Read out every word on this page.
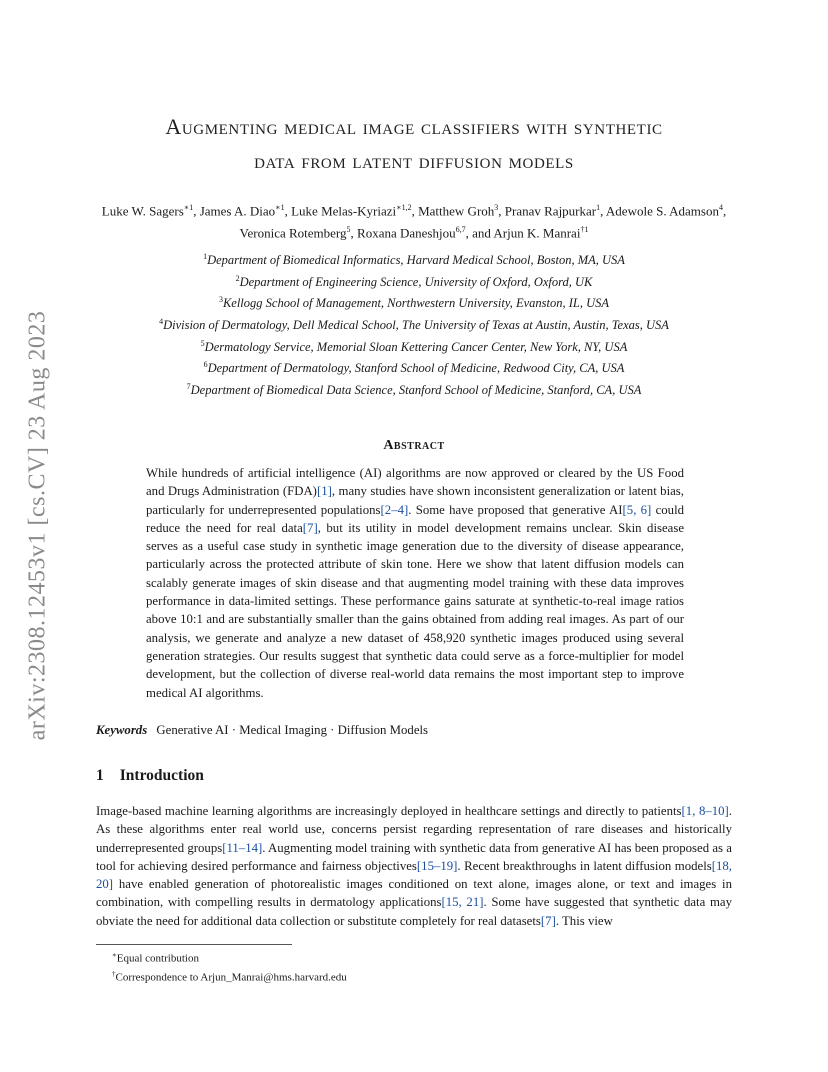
arXiv:2308.12453v1 [cs.CV] 23 Aug 2023
Augmenting medical image classifiers with synthetic
data from latent diffusion models
Luke W. Sagers$^{∗1}$, James A. Diao$^{∗1}$, Luke Melas-Kyriazi$^{∗1,2}$, Matthew Groh$^3$, Pranav Rajpurkar$^1$, Adewole S. Adamson$^4$, Veronica Rotemberg$^5$, Roxana Daneshjou$^{6,7}$, and Arjun K. Manrai$^{\dagger 1}$
$^1$Department of Biomedical Informatics, Harvard Medical School, Boston, MA, USA
$^2$Department of Engineering Science, University of Oxford, Oxford, UK
$^3$Kellogg School of Management, Northwestern University, Evanston, IL, USA
$^4$Division of Dermatology, Dell Medical School, The University of Texas at Austin, Austin, Texas, USA
$^5$Dermatology Service, Memorial Sloan Kettering Cancer Center, New York, NY, USA
$^6$Department of Dermatology, Stanford School of Medicine, Redwood City, CA, USA
$^7$Department of Biomedical Data Science, Stanford School of Medicine, Stanford, CA, USA
Abstract
While hundreds of artificial intelligence (AI) algorithms are now approved or cleared by the US Food and Drugs Administration (FDA)[1], many studies have shown inconsistent generalization or latent bias, particularly for underrepresented populations[2–4]. Some have proposed that generative AI[5, 6] could reduce the need for real data[7], but its utility in model development remains unclear. Skin disease serves as a useful case study in synthetic image generation due to the diversity of disease appearance, particularly across the protected attribute of skin tone. Here we show that latent diffusion models can scalably generate images of skin disease and that augmenting model training with these data improves performance in data-limited settings. These performance gains saturate at synthetic-to-real image ratios above 10:1 and are substantially smaller than the gains obtained from adding real images. As part of our analysis, we generate and analyze a new dataset of 458,920 synthetic images produced using several generation strategies. Our results suggest that synthetic data could serve as a force-multiplier for model development, but the collection of diverse real-world data remains the most important step to improve medical AI algorithms.
Keywords Generative AI · Medical Imaging · Diffusion Models
1 Introduction
Image-based machine learning algorithms are increasingly deployed in healthcare settings and directly to patients[1, 8–10]. As these algorithms enter real world use, concerns persist regarding representation of rare diseases and historically underrepresented groups[11–14]. Augmenting model training with synthetic data from generative AI has been proposed as a tool for achieving desired performance and fairness objectives[15–19]. Recent breakthroughs in latent diffusion models[18, 20] have enabled generation of photorealistic images conditioned on text alone, images alone, or text and images in combination, with compelling results in dermatology applications[15, 21]. Some have suggested that synthetic data may obviate the need for additional data collection or substitute completely for real datasets[7]. This view
∗Equal contribution
†Correspondence to Arjun_Manrai@hms.harvard.edu
